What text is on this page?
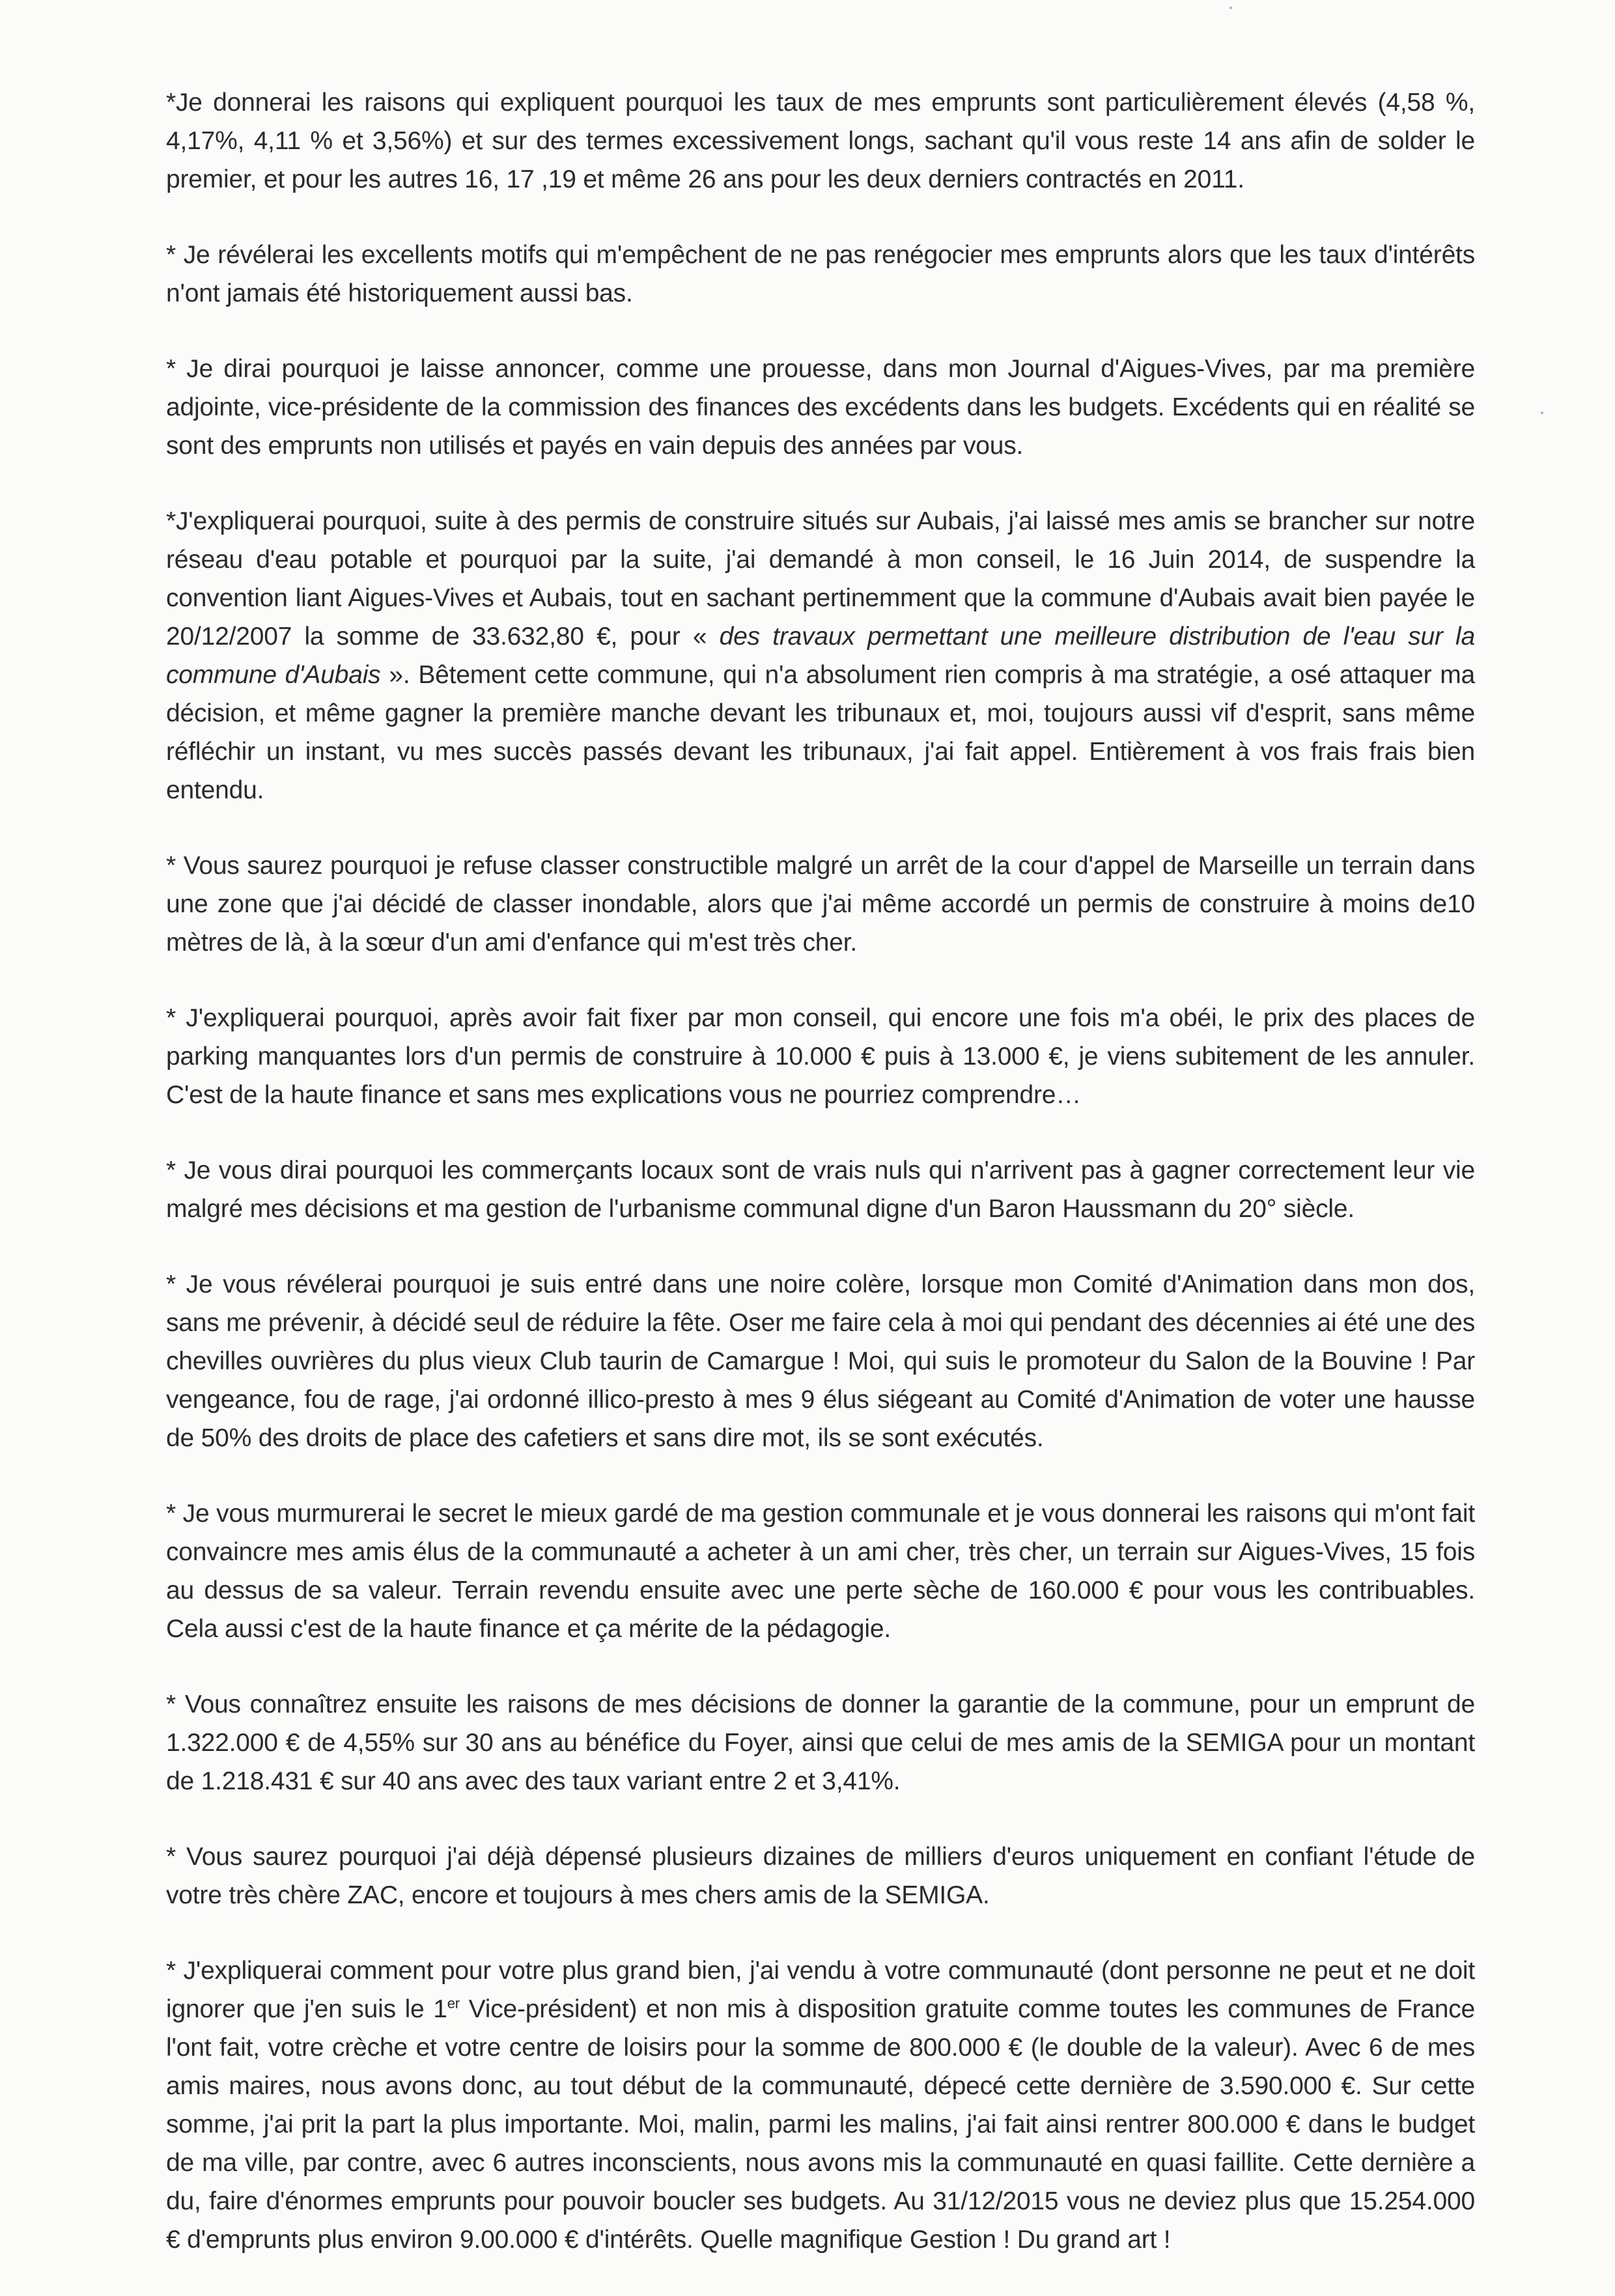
*Je donnerai les raisons qui expliquent pourquoi les taux de mes emprunts sont particulièrement élevés (4,58 %, 4,17%, 4,11 % et 3,56%) et sur des termes excessivement longs, sachant qu'il vous reste 14 ans afin de solder le premier, et pour les autres 16, 17 ,19 et même 26 ans pour les deux derniers contractés en 2011.

* Je révélerai les excellents motifs qui m'empêchent de ne pas renégocier mes emprunts alors que les taux d'intérêts n'ont jamais été historiquement aussi bas.

* Je dirai pourquoi je laisse annoncer, comme une prouesse, dans mon Journal d'Aigues-Vives, par ma première adjointe, vice-présidente de la commission des finances des excédents dans les budgets. Excédents qui en réalité se sont des emprunts non utilisés et payés en vain depuis des années par vous.

*J'expliquerai pourquoi, suite à des permis de construire situés sur Aubais, j'ai laissé mes amis se brancher sur notre réseau d'eau potable et pourquoi par la suite, j'ai demandé à mon conseil, le 16 Juin 2014, de suspendre la convention liant Aigues-Vives et Aubais, tout en sachant pertinemment que la commune d'Aubais avait bien payée le 20/12/2007 la somme de 33.632,80 €, pour « des travaux permettant une meilleure distribution de l'eau sur la commune d'Aubais ». Bêtement cette commune, qui n'a absolument rien compris à ma stratégie, a osé attaquer ma décision, et même gagner la première manche devant les tribunaux et, moi, toujours aussi vif d'esprit, sans même réfléchir un instant, vu mes succès passés devant les tribunaux, j'ai fait appel. Entièrement à vos frais frais bien entendu.

* Vous saurez pourquoi je refuse classer constructible malgré un arrêt de la cour d'appel de Marseille un terrain dans une zone que j'ai décidé de classer inondable, alors que j'ai même accordé un permis de construire à moins de10 mètres de là, à la sœur d'un ami d'enfance qui m'est très cher.

* J'expliquerai pourquoi, après avoir fait fixer par mon conseil, qui encore une fois m'a obéi, le prix des places de parking manquantes lors d'un permis de construire à 10.000 € puis à 13.000 €, je viens subitement de les annuler. C'est de la haute finance et sans mes explications vous ne pourriez comprendre…

* Je vous dirai pourquoi les commerçants locaux sont de vrais nuls qui n'arrivent pas à gagner correctement leur vie malgré mes décisions et ma gestion de l'urbanisme communal digne d'un Baron Haussmann du 20° siècle.

* Je vous révélerai pourquoi je suis entré dans une noire colère, lorsque mon Comité d'Animation dans mon dos, sans me prévenir, à décidé seul de réduire la fête. Oser me faire cela à moi qui pendant des décennies ai été une des chevilles ouvrières du plus vieux Club taurin de Camargue ! Moi, qui suis le promoteur du Salon de la Bouvine ! Par vengeance, fou de rage, j'ai ordonné illico-presto à mes 9 élus siégeant au Comité d'Animation de voter une hausse de 50% des droits de place des cafetiers et sans dire mot, ils se sont exécutés.

* Je vous murmurerai le secret le mieux gardé de ma gestion communale et je vous donnerai les raisons qui m'ont fait convaincre mes amis élus de la communauté a acheter à un ami cher, très cher, un terrain sur Aigues-Vives, 15 fois au dessus de sa valeur. Terrain revendu ensuite avec une perte sèche de 160.000 € pour vous les contribuables. Cela aussi c'est de la haute finance et ça mérite de la pédagogie.

* Vous connaîtrez ensuite les raisons de mes décisions de donner la garantie de la commune, pour un emprunt de 1.322.000 € de 4,55% sur 30 ans au bénéfice du Foyer, ainsi que celui de mes amis de la SEMIGA pour un montant de 1.218.431 € sur 40 ans avec des taux variant entre 2 et 3,41%.

* Vous saurez pourquoi j'ai déjà dépensé plusieurs dizaines de milliers d'euros uniquement en confiant l'étude de votre très chère ZAC, encore et toujours à mes chers amis de la SEMIGA.

* J'expliquerai comment pour votre plus grand bien, j'ai vendu à votre communauté (dont personne ne peut et ne doit ignorer que j'en suis le 1er Vice-président) et non mis à disposition gratuite comme toutes les communes de France l'ont fait, votre crèche et votre centre de loisirs pour la somme de 800.000 € (le double de la valeur). Avec 6 de mes amis maires, nous avons donc, au tout début de la communauté, dépecé cette dernière de 3.590.000 €. Sur cette somme, j'ai prit la part la plus importante. Moi, malin, parmi les malins, j'ai fait ainsi rentrer 800.000 € dans le budget de ma ville, par contre, avec 6 autres inconscients, nous avons mis la communauté en quasi faillite. Cette dernière a du, faire d'énormes emprunts pour pouvoir boucler ses budgets. Au 31/12/2015 vous ne deviez plus que 15.254.000 € d'emprunts plus environ 9.00.000 € d'intérêts. Quelle magnifique Gestion ! Du grand art !
